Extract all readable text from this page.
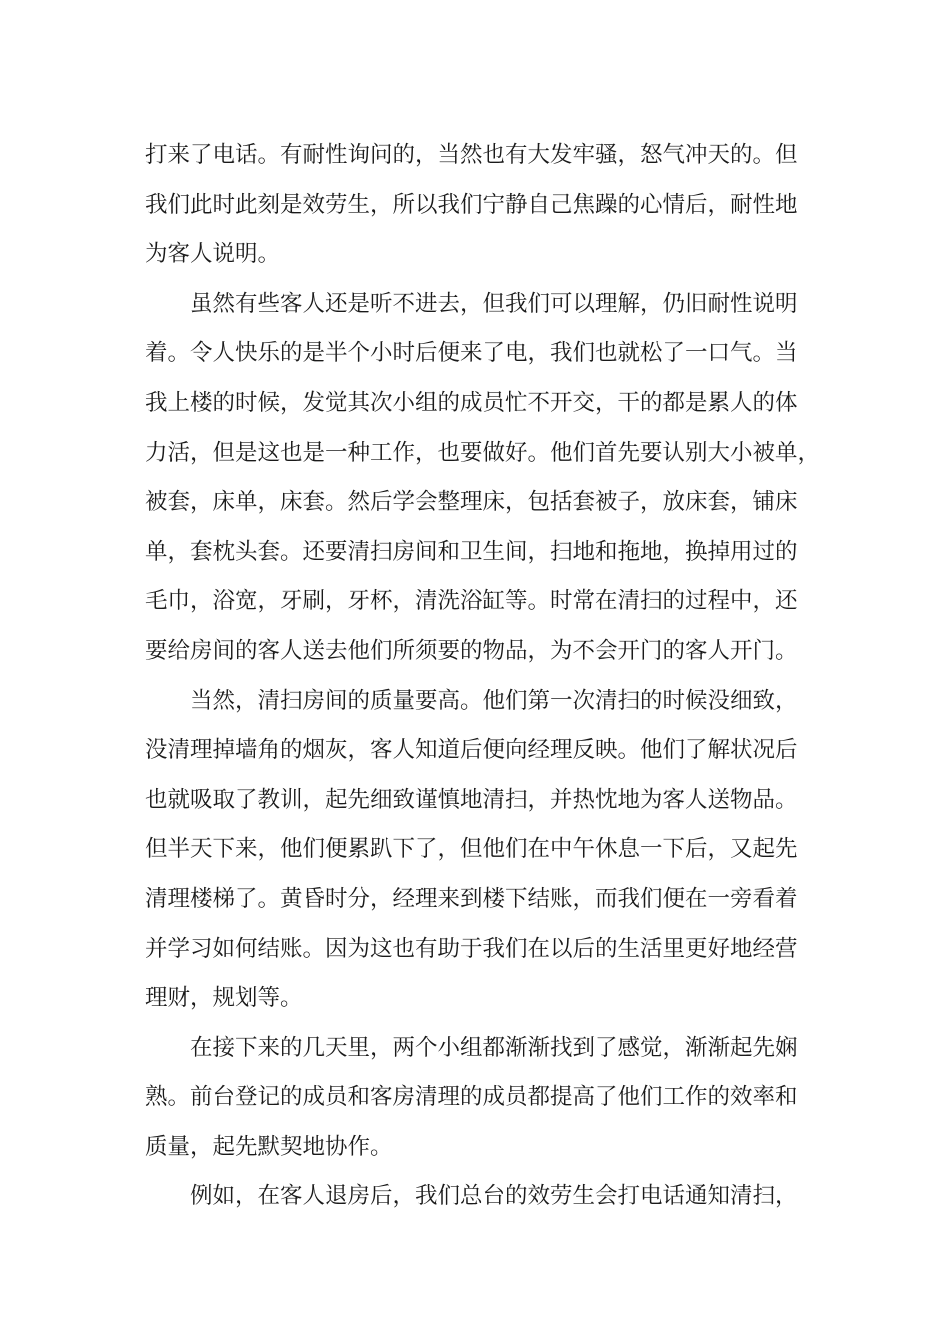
打来了电话。有耐性询问的，当然也有大发牢骚，怒气冲天的。但
我们此时此刻是效劳生，所以我们宁静自己焦躁的心情后，耐性地
为客人说明。
虽然有些客人还是听不进去，但我们可以理解，仍旧耐性说明
着。令人快乐的是半个小时后便来了电，我们也就松了一口气。当
我上楼的时候，发觉其次小组的成员忙不开交，干的都是累人的体
力活，但是这也是一种工作，也要做好。他们首先要认别大小被单，
被套，床单，床套。然后学会整理床，包括套被子，放床套，铺床
单，套枕头套。还要清扫房间和卫生间，扫地和拖地，换掉用过的
毛巾，浴宽，牙刷，牙杯，清洗浴缸等。时常在清扫的过程中，还
要给房间的客人送去他们所须要的物品，为不会开门的客人开门。
当然，清扫房间的质量要高。他们第一次清扫的时候没细致，
没清理掉墙角的烟灰，客人知道后便向经理反映。他们了解状况后
也就吸取了教训，起先细致谨慎地清扫，并热忱地为客人送物品。
但半天下来，他们便累趴下了，但他们在中午休息一下后，又起先
清理楼梯了。黄昏时分，经理来到楼下结账，而我们便在一旁看着
并学习如何结账。因为这也有助于我们在以后的生活里更好地经营
理财，规划等。
在接下来的几天里，两个小组都渐渐找到了感觉，渐渐起先娴
熟。前台登记的成员和客房清理的成员都提高了他们工作的效率和
质量，起先默契地协作。
例如，在客人退房后，我们总台的效劳生会打电话通知清扫，
